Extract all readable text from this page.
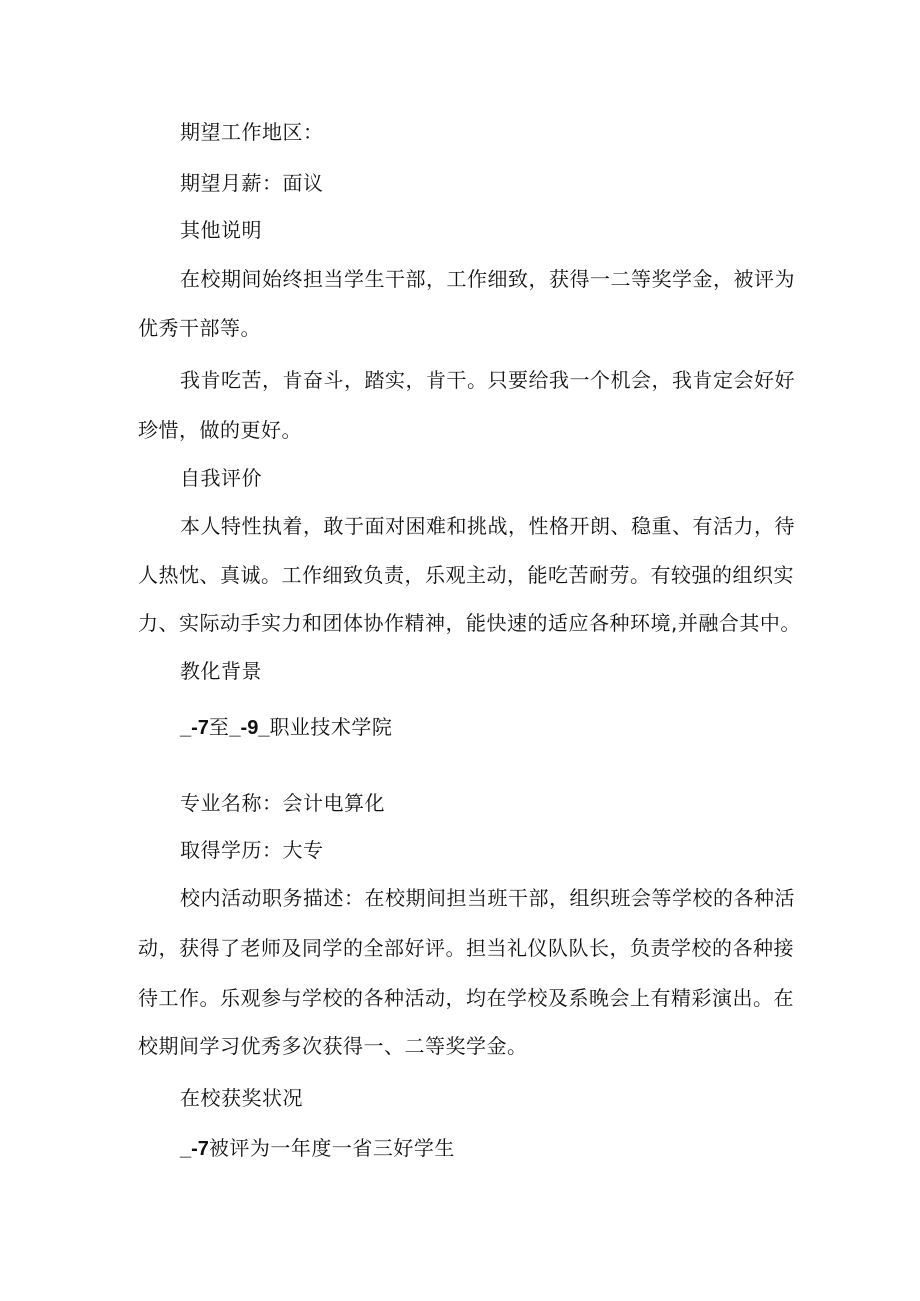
期望工作地区：
期望月薪：面议
其他说明
在校期间始终担当学生干部，工作细致，获得一二等奖学金，被评为
优秀干部等。
我肯吃苦，肯奋斗，踏实，肯干。只要给我一个机会，我肯定会好好
珍惜，做的更好。
自我评价
本人特性执着，敢于面对困难和挑战，性格开朗、稳重、有活力，待
人热忱、真诚。工作细致负责，乐观主动，能吃苦耐劳。有较强的组织实
力、实际动手实力和团体协作精神，能快速的适应各种环境,并融合其中。
教化背景
_-7至_-9_职业技术学院
专业名称：会计电算化
取得学历：大专
校内活动职务描述：在校期间担当班干部，组织班会等学校的各种活
动，获得了老师及同学的全部好评。担当礼仪队队长，负责学校的各种接
待工作。乐观参与学校的各种活动，均在学校及系晚会上有精彩演出。在
校期间学习优秀多次获得一、二等奖学金。
在校获奖状况
_-7被评为一年度一省三好学生
